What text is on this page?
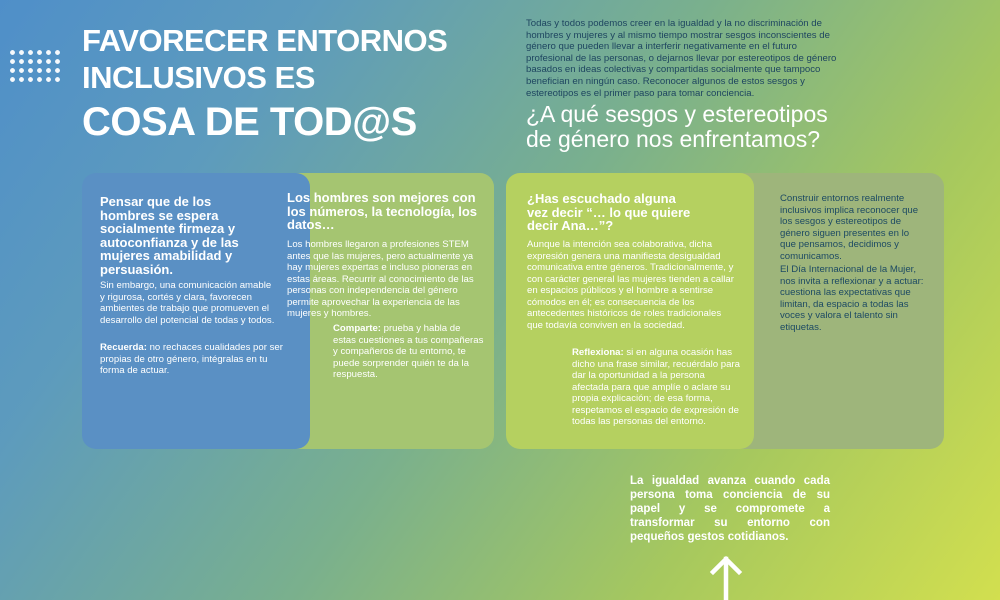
FAVORECER ENTORNOS
INCLUSIVOS ES
COSA DE TOD@S

Todas y todos podemos creer en la igualdad y la no discriminación de hombres y mujeres y al mismo tiempo mostrar sesgos inconscientes de género que pueden llevar a interferir negativamente en el futuro profesional de las personas, o dejarnos llevar por estereotipos de género basados en ideas colectivas y compartidas socialmente que tampoco benefician en ningún caso. Reconocer algunos de estos sesgos y estereotipos es el primer paso para tomar conciencia.

¿A qué sesgos y estereotipos de género nos enfrentamos?
Pensar que de los hombres se espera socialmente firmeza y autoconfianza y de las mujeres amabilidad y persuasión.

Sin embargo, una comunicación amable y rigurosa, cortés y clara, favorecen ambientes de trabajo que promueven el desarrollo del potencial de todas y todos.

Recuerda: no rechaces cualidades por ser propias de otro género, intégralas en tu forma de actuar.

Los hombres son mejores con los números, la tecnología, los datos…

Los hombres llegaron a profesiones STEM antes que las mujeres, pero actualmente ya hay mujeres expertas e incluso pioneras en estas áreas. Recurrir al conocimiento de las personas con independencia del género permite aprovechar la experiencia de las mujeres y hombres.

Comparte: prueba y habla de estas cuestiones a tus compañeras y compañeros de tu entorno, te puede sorprender quién te da la respuesta.

¿Has escuchado alguna vez decir “… lo que quiere decir Ana…”?

Aunque la intención sea colaborativa, dicha expresión genera una manifiesta desigualdad comunicativa entre géneros. Tradicionalmente, y con carácter general las mujeres tienden a callar en espacios públicos y el hombre a sentirse cómodos en él; es consecuencia de los antecedentes históricos de roles tradicionales que todavía conviven en la sociedad.

Reflexiona: si en alguna ocasión has dicho una frase similar, recuérdalo para dar la oportunidad a la persona afectada para que amplíe o aclare su propia explicación; de esa forma, respetamos el espacio de expresión de todas las personas del entorno.

Construir entornos realmente inclusivos implica reconocer que los sesgos y estereotipos de género siguen presentes en lo que pensamos, decidimos y comunicamos.

El Día Internacional de la Mujer, nos invita a reflexionar y a actuar: cuestiona las expectativas que limitan, da espacio a todas las voces y valora el talento sin etiquetas.

La igualdad avanza cuando cada persona toma conciencia de su papel y se compromete a transformar su entorno con pequeños gestos cotidianos.
